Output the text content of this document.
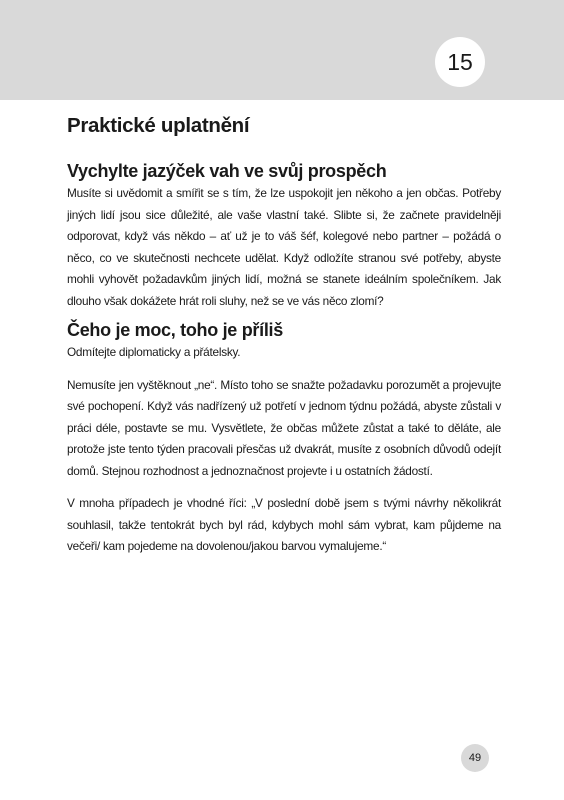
15
Praktické uplatnění
Vychylte jazýček vah ve svůj prospěch

Musíte si uvědomit a smířit se s tím, že lze uspokojit jen někoho a jen občas. Potřeby jiných lidí jsou sice důležité, ale vaše vlastní také. Slibte si, že začnete pravidelněji odporovat, když vás někdo – ať už je to váš šéf, kolegové nebo partner – požádá o něco, co ve skutečnosti nechcete udělat. Když odložíte stranou své potřeby, abyste mohli vyhovět požadavkům jiných lidí, možná se stanete ideálním společníkem. Jak dlouho však dokážete hrát roli sluhy, než se ve vás něco zlomí?

Čeho je moc, toho je příliš

Odmítejte diplomaticky a přátelsky.

Nemusíte jen vyštěknout „ne“. Místo toho se snažte požadavku porozumět a projevujte své pochopení. Když vás nadřízený už potřetí v jednom týdnu požádá, abyste zůstali v práci déle, postavte se mu. Vysvětlete, že občas můžete zůstat a také to děláte, ale protože jste tento týden pracovali přesčas už dvakrát, musíte z osobních důvodů odejít domů. Stejnou rozhodnost a jednoznačnost projevte i u ostatních žádostí.

V mnoha případech je vhodné říci: „V poslední době jsem s tvými návrhy několikrát souhlasil, takže tentokrát bych byl rád, kdybych mohl sám vybrat, kam půjdeme na večeři/ kam pojedeme na dovolenou/jakou barvou vymalujeme.“

49
